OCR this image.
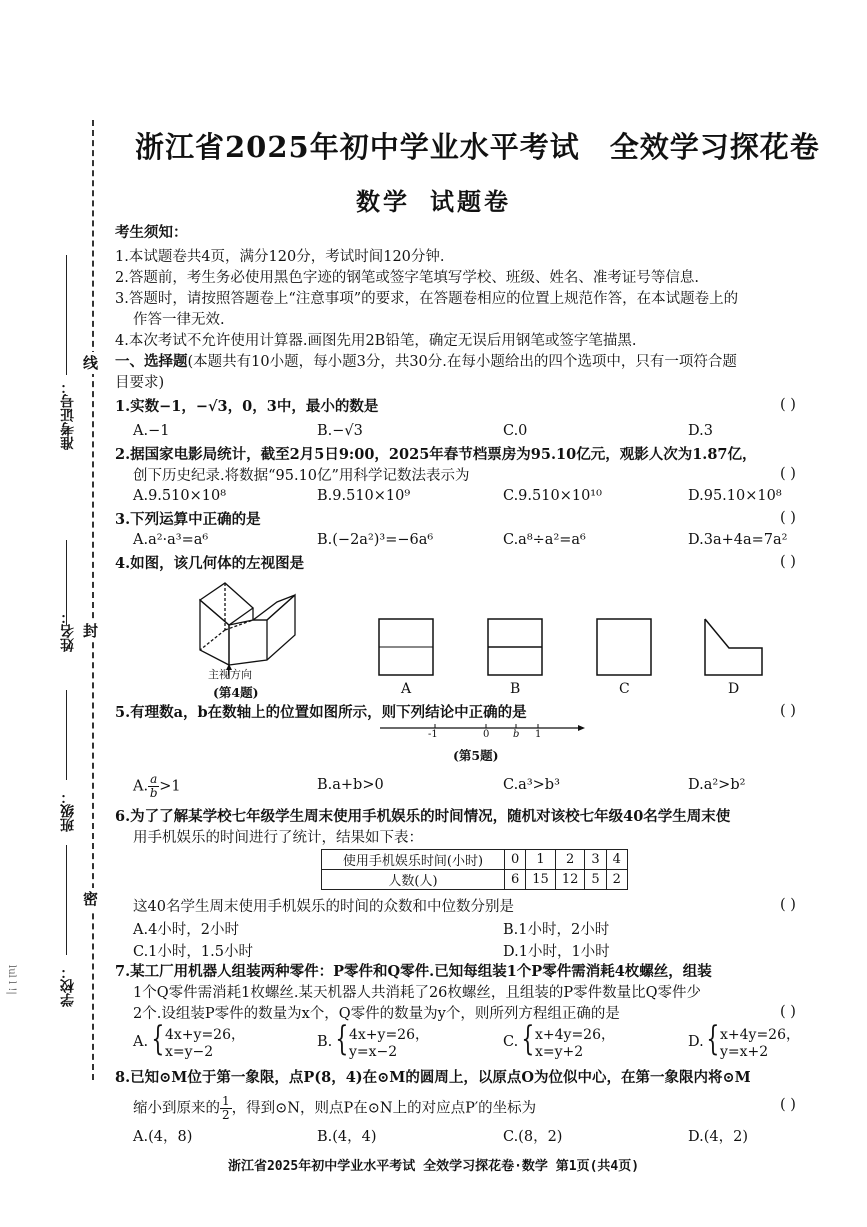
线
封
密
准考证号：
姓名：
班级：
学校：
lul l !|
浙江省2025年初中学业水平考试 全效学习探花卷
数学 试题卷
考生须知：
1.本试题卷共4页，满分120分，考试时间120分钟.
2.答题前，考生务必使用黑色字迹的钢笔或签字笔填写学校、班级、姓名、准考证号等信息.
3.答题时，请按照答题卷上“注意事项”的要求，在答题卷相应的位置上规范作答，在本试题卷上的
作答一律无效.
4.本次考试不允许使用计算器.画图先用2B铅笔，确定无误后用钢笔或签字笔描黑.
一、选择题(本题共有10小题，每小题3分，共30分.在每小题给出的四个选项中，只有一项符合题
目要求)
1.实数−1，−√3，0，3中，最小的数是	( )
A.−1	B.−√3	C.0	D.3
2.据国家电影局统计，截至2月5日9:00，2025年春节档票房为95.10亿元，观影人次为1.87亿，
创下历史纪录.将数据“95.10亿”用科学记数法表示为	( )
A.9.510×10⁸	B.9.510×10⁹	C.9.510×10¹⁰	D.95.10×10⁸
3.下列运算中正确的是	( )
A.a²·a³=a⁶	B.(−2a²)³=−6a⁶	C.a⁸÷a²=a⁶	D.3a+4a=7a²
4.如图，该几何体的左视图是	( )
主视方向
(第4题)	A	B	C	D
5.有理数a，b在数轴上的位置如图所示，则下列结论中正确的是	( )
-1	0 b 1
(第5题)
A. $\frac{a}{b} >1$	B.a+b>0	C.a³>b³	D.a²>b²
6.为了了解某学校七年级学生周末使用手机娱乐的时间情况，随机对该校七年级40名学生周末使
用手机娱乐的时间进行了统计，结果如下表：
使用手机娱乐时间(小时)	0	1	2	3	4
人数(人)	6	15	12	5	2
这40名学生周末使用手机娱乐的时间的众数和中位数分别是	( )
A.4小时，2小时	B.1小时，2小时
C.1小时，1.5小时	D.1小时，1小时
7.某工厂用机器人组装两种零件：P零件和Q零件.已知每组装1个P零件需消耗4枚螺丝，组装
1个Q零件需消耗1枚螺丝.某天机器人共消耗了26枚螺丝，且组装的P零件数量比Q零件少
2个.设组装P零件的数量为x个，Q零件的数量为y个，则所列方程组正确的是	( )
A. { 4x+y=26，
x=y−2
B. { 4x+y=26，
y=x−2
C. { x+4y=26，
x=y+2
D. { x+4y=26，
y=x+2
8.已知⊙M位于第一象限，点P(8，4)在⊙M的圆周上，以原点O为位似中心，在第一象限内将⊙M
缩小到原来的 $\frac{1}{2}$ ，得到⊙N，则点P在⊙N上的对应点P′的坐标为	( )
A.(4，8)	B.(4，4)	C.(8，2)	D.(4，2)
浙江省2025年初中学业水平考试 全效学习探花卷·数学 第1页(共4页)
